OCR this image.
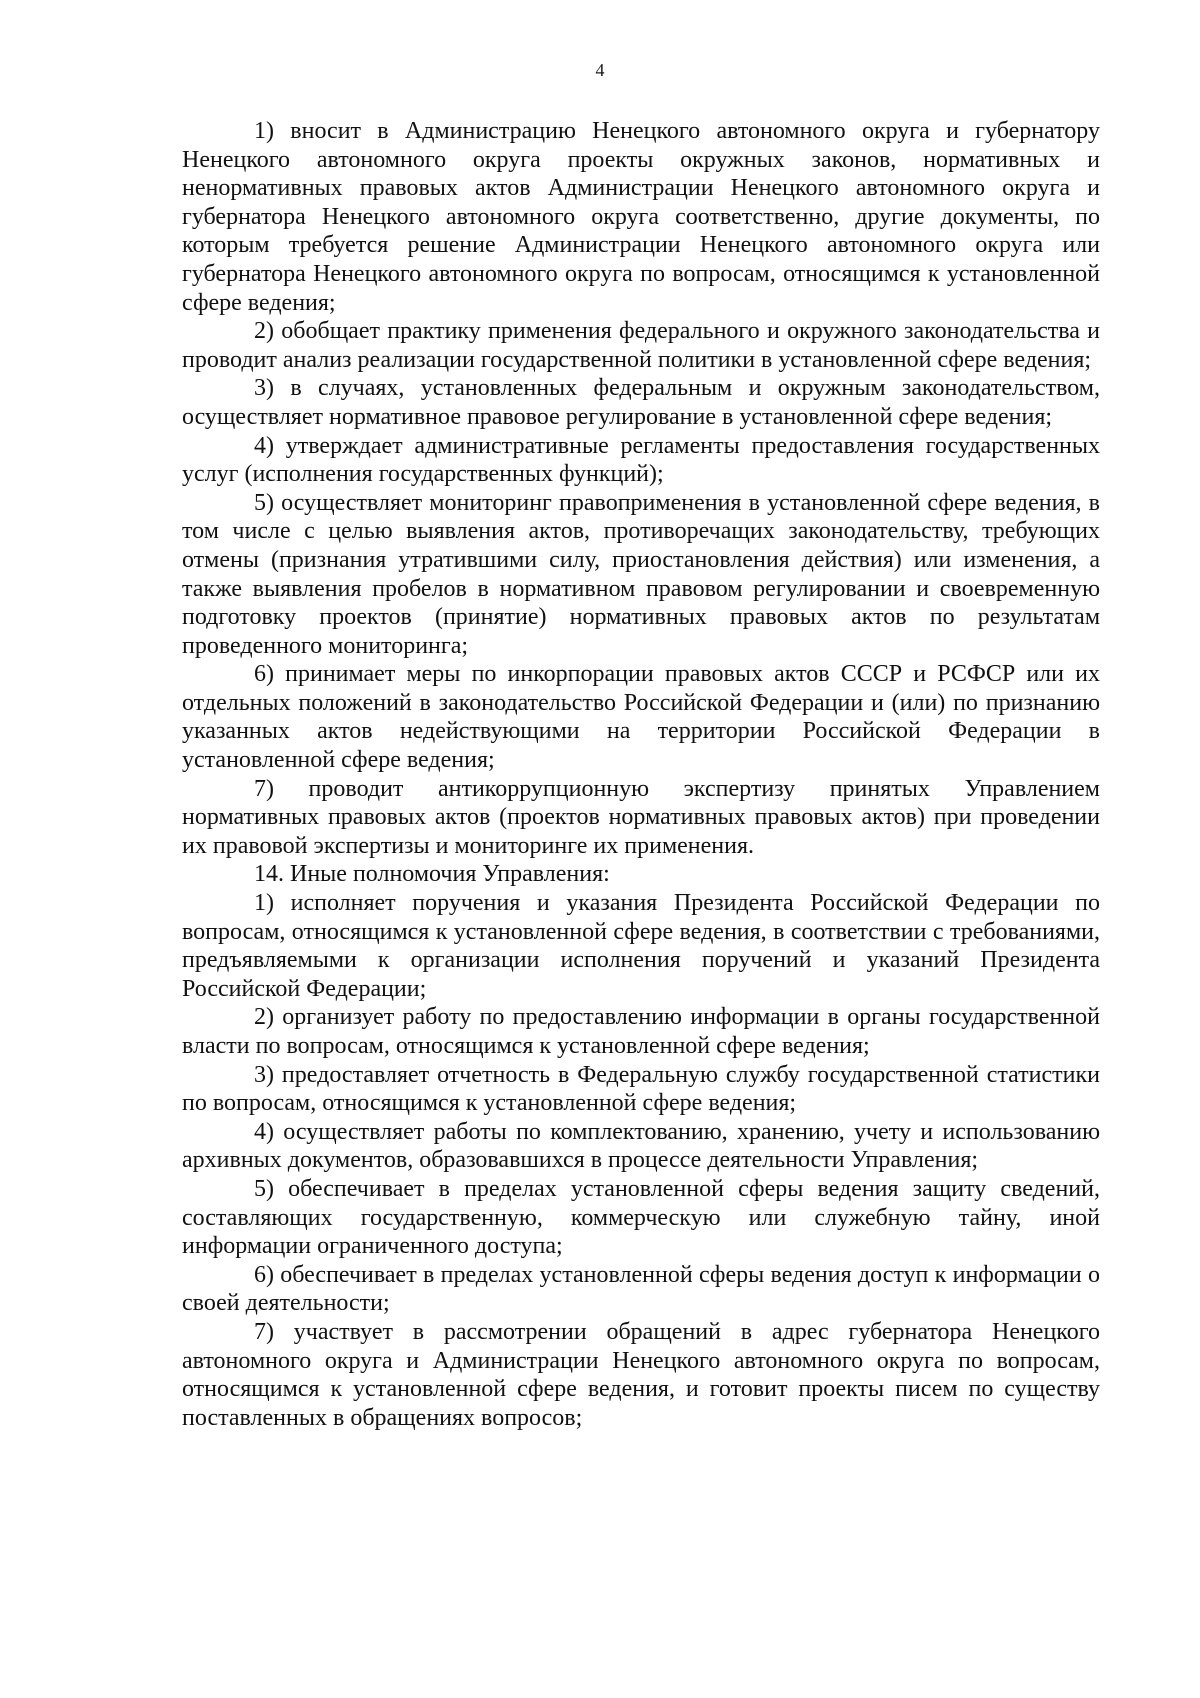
4

1) вносит в Администрацию Ненецкого автономного округа и губернатору Ненецкого автономного округа проекты окружных законов, нормативных и ненормативных правовых актов Администрации Ненецкого автономного округа и губернатора Ненецкого автономного округа соответственно, другие документы, по которым требуется решение Администрации Ненецкого автономного округа или губернатора Ненецкого автономного округа по вопросам, относящимся к установленной сфере ведения;

2) обобщает практику применения федерального и окружного законодательства и проводит анализ реализации государственной политики в установленной сфере ведения;

3) в случаях, установленных федеральным и окружным законодательством, осуществляет нормативное правовое регулирование в установленной сфере ведения;

4) утверждает административные регламенты предоставления государственных услуг (исполнения государственных функций);

5) осуществляет мониторинг правоприменения в установленной сфере ведения, в том числе с целью выявления актов, противоречащих законодательству, требующих отмены (признания утратившими силу, приостановления действия) или изменения, а также выявления пробелов в нормативном правовом регулировании и своевременную подготовку проектов (принятие) нормативных правовых актов по результатам проведенного мониторинга;

6) принимает меры по инкорпорации правовых актов СССР и РСФСР или их отдельных положений в законодательство Российской Федерации и (или) по признанию указанных актов недействующими на территории Российской Федерации в установленной сфере ведения;

7) проводит антикоррупционную экспертизу принятых Управлением нормативных правовых актов (проектов нормативных правовых актов) при проведении их правовой экспертизы и мониторинге их применения.

14. Иные полномочия Управления:

1) исполняет поручения и указания Президента Российской Федерации по вопросам, относящимся к установленной сфере ведения, в соответствии с требованиями, предъявляемыми к организации исполнения поручений и указаний Президента Российской Федерации;

2) организует работу по предоставлению информации в органы государственной власти по вопросам, относящимся к установленной сфере ведения;

3) предоставляет отчетность в Федеральную службу государственной статистики по вопросам, относящимся к установленной сфере ведения;

4) осуществляет работы по комплектованию, хранению, учету и использованию архивных документов, образовавшихся в процессе деятельности Управления;

5) обеспечивает в пределах установленной сферы ведения защиту сведений, составляющих государственную, коммерческую или служебную тайну, иной информации ограниченного доступа;

6) обеспечивает в пределах установленной сферы ведения доступ к информации о своей деятельности;

7) участвует в рассмотрении обращений в адрес губернатора Ненецкого автономного округа и Администрации Ненецкого автономного округа по вопросам, относящимся к установленной сфере ведения, и готовит проекты писем по существу поставленных в обращениях вопросов;
